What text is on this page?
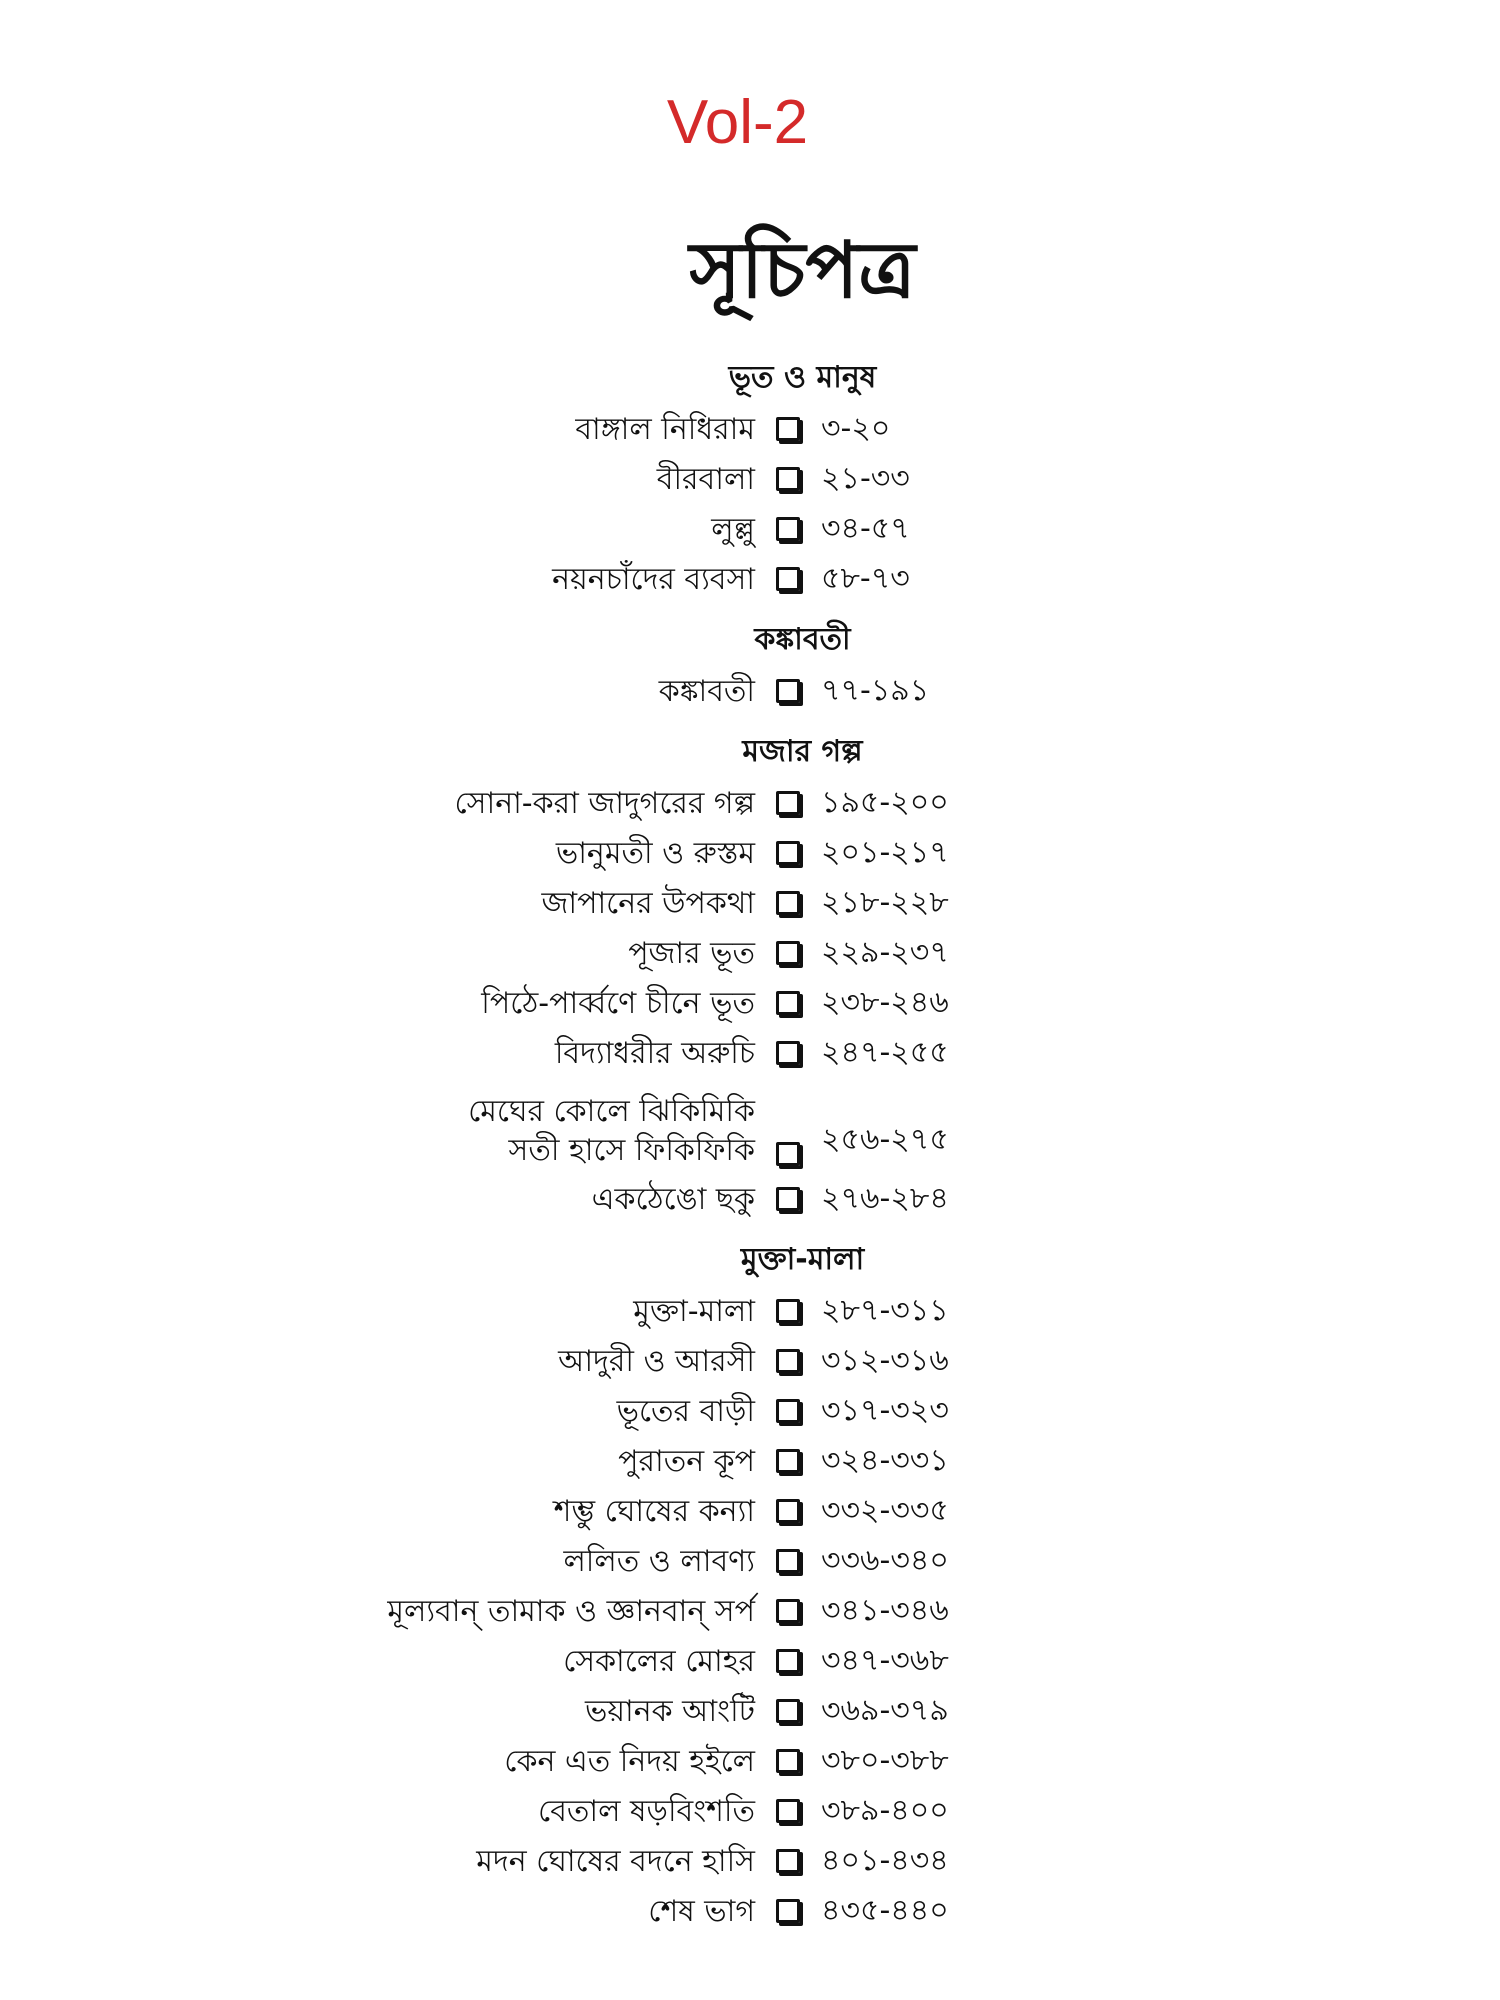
Vol-2
সূচিপত্র
ভূত ও মানুষ
বাঙ্গাল নিধিরাম ৩-২০
বীরবালা ২১-৩৩
লুল্লু ৩৪-৫৭
নয়নচাঁদের ব্যবসা ৫৮-৭৩
কঙ্কাবতী
কঙ্কাবতী ৭৭-১৯১
মজার গল্প
সোনা-করা জাদুগরের গল্প ১৯৫-২০০
ভানুমতী ও রুস্তম ২০১-২১৭
জাপানের উপকথা ২১৮-২২৮
পূজার ভূত ২২৯-২৩৭
পিঠে-পার্ব্বণে চীনে ভূত ২৩৮-২৪৬
বিদ্যাধরীর অরুচি ২৪৭-২৫৫
মেঘের কোলে ঝিকিমিকি
সতী হাসে ফিকিফিকি ২৫৬-২৭৫
একঠেঙো ছকু ২৭৬-২৮৪
মুক্তা-মালা
মুক্তা-মালা ২৮৭-৩১১
আদুরী ও আরসী ৩১২-৩১৬
ভূতের বাড়ী ৩১৭-৩২৩
পুরাতন কূপ ৩২৪-৩৩১
শম্ভু ঘোষের কন্যা ৩৩২-৩৩৫
ললিত ও লাবণ্য ৩৩৬-৩৪০
মূল্যবান্ তামাক ও জ্ঞানবান্ সর্প ৩৪১-৩৪৬
সেকালের মোহর ৩৪৭-৩৬৮
ভয়ানক আংটি ৩৬৯-৩৭৯
কেন এত নিদয় হইলে ৩৮০-৩৮৮
বেতাল ষড়বিংশতি ৩৮৯-৪০০
মদন ঘোষের বদনে হাসি ৪০১-৪৩৪
শেষ ভাগ ৪৩৫-৪৪০
